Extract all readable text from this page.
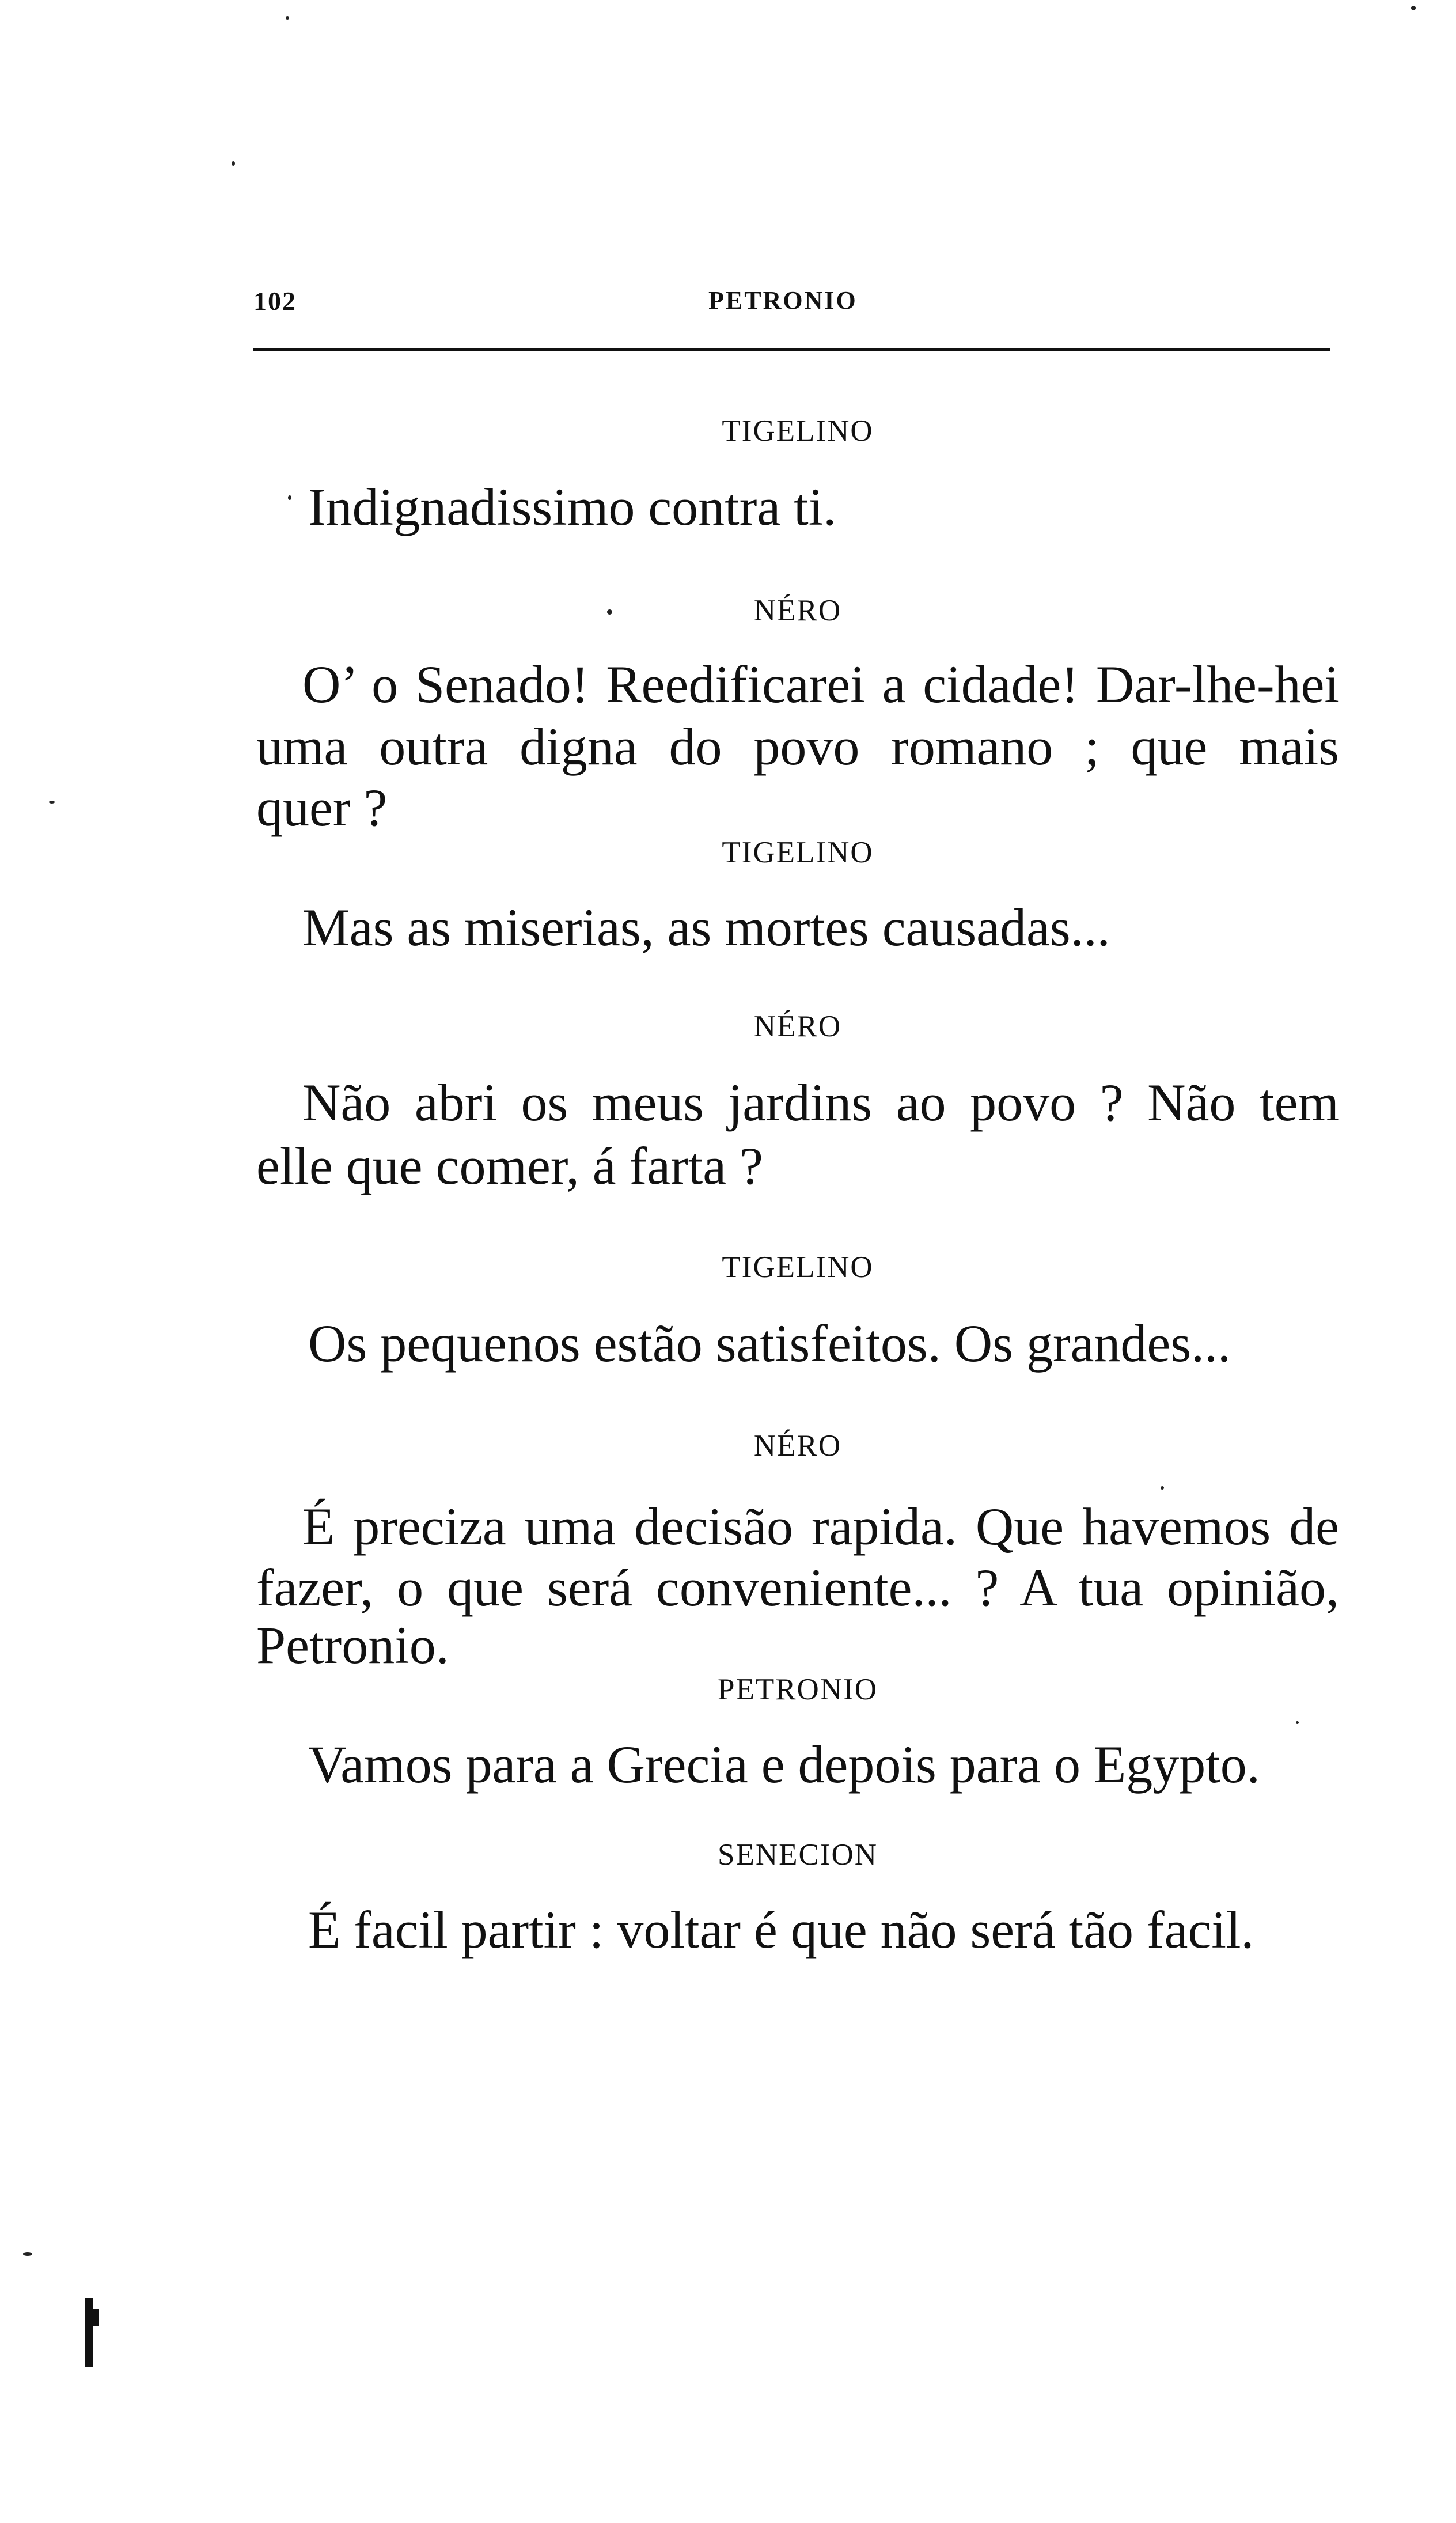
102	PETRONIO
TIGELINO
Indignadissimo contra ti.
NÉRO
O’ o Senado! Reedificarei a cidade! Dar-lhe-hei
uma outra digna do povo romano ; que mais
quer ?
TIGELINO
Mas as miserias, as mortes causadas...
NÉRO
Não abri os meus jardins ao povo ? Não tem
elle que comer, á farta ?
TIGELINO
Os pequenos estão satisfeitos. Os grandes...
NÉRO
É preciza uma decisão rapida. Que havemos de
fazer, o que será conveniente... ? A tua opinião,
Petronio.
PETRONIO
Vamos para a Grecia e depois para o Egypto.
SENECION
É facil partir : voltar é que não será tão facil.
